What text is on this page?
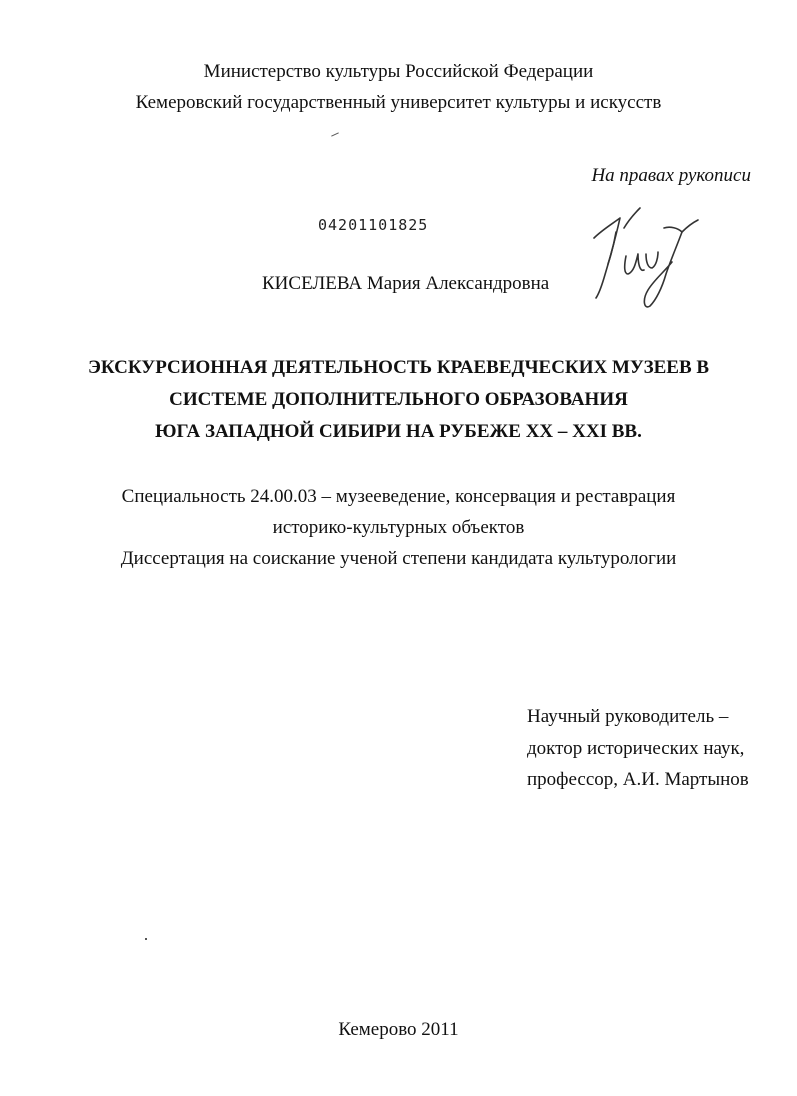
Министерство культуры Российской Федерации
Кемеровский государственный университет культуры и искусств
На правах рукописи
04201101825
КИСЕЛЕВА Мария Александровна
ЭКСКУРСИОННАЯ ДЕЯТЕЛЬНОСТЬ КРАЕВЕДЧЕСКИХ МУЗЕЕВ В
СИСТЕМЕ ДОПОЛНИТЕЛЬНОГО ОБРАЗОВАНИЯ
ЮГА ЗАПАДНОЙ СИБИРИ НА РУБЕЖЕ XX – XXI ВВ.
Специальность 24.00.03 – музееведение, консервация и реставрация
историко-культурных объектов
Диссертация на соискание ученой степени кандидата культурологии
Научный руководитель –
доктор исторических наук,
профессор, А.И. Мартынов
Кемерово 2011
